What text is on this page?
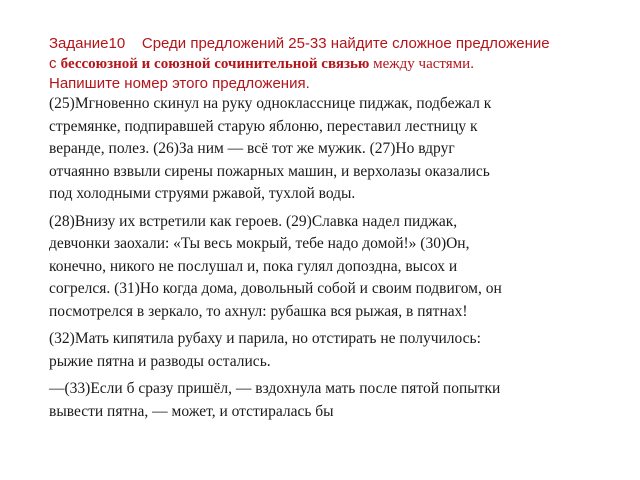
Задание10 Среди предложений 25-33 найдите сложное предложение
с бессоюзной и союзной сочинительной связью между частями.
Напишите номер этого предложения.

(25)Мгновенно скинул на руку однокласснице пиджак, подбежал к
стремянке, подпиравшей старую яблоню, переставил лестницу к
веранде, полез. (26)За ним — всё тот же мужик. (27)Но вдруг
отчаянно взвыли сирены пожарных машин, и верхолазы оказались
под холодными струями ржавой, тухлой воды.

(28)Внизу их встретили как героев. (29)Славка надел пиджак,
девчонки заохали: «Ты весь мокрый, тебе надо домой!» (30)Он,
конечно, никого не послушал и, пока гулял допоздна, высох и
согрелся. (31)Но когда дома, довольный собой и своим подвигом, он
посмотрелся в зеркало, то ахнул: рубашка вся рыжая, в пятнах!

(32)Мать кипятила рубаху и парила, но отстирать не получилось:
рыжие пятна и разводы остались.

—(33)Если б сразу пришёл, — вздохнула мать после пятой попытки
вывести пятна, — может, и отстиралась бы
